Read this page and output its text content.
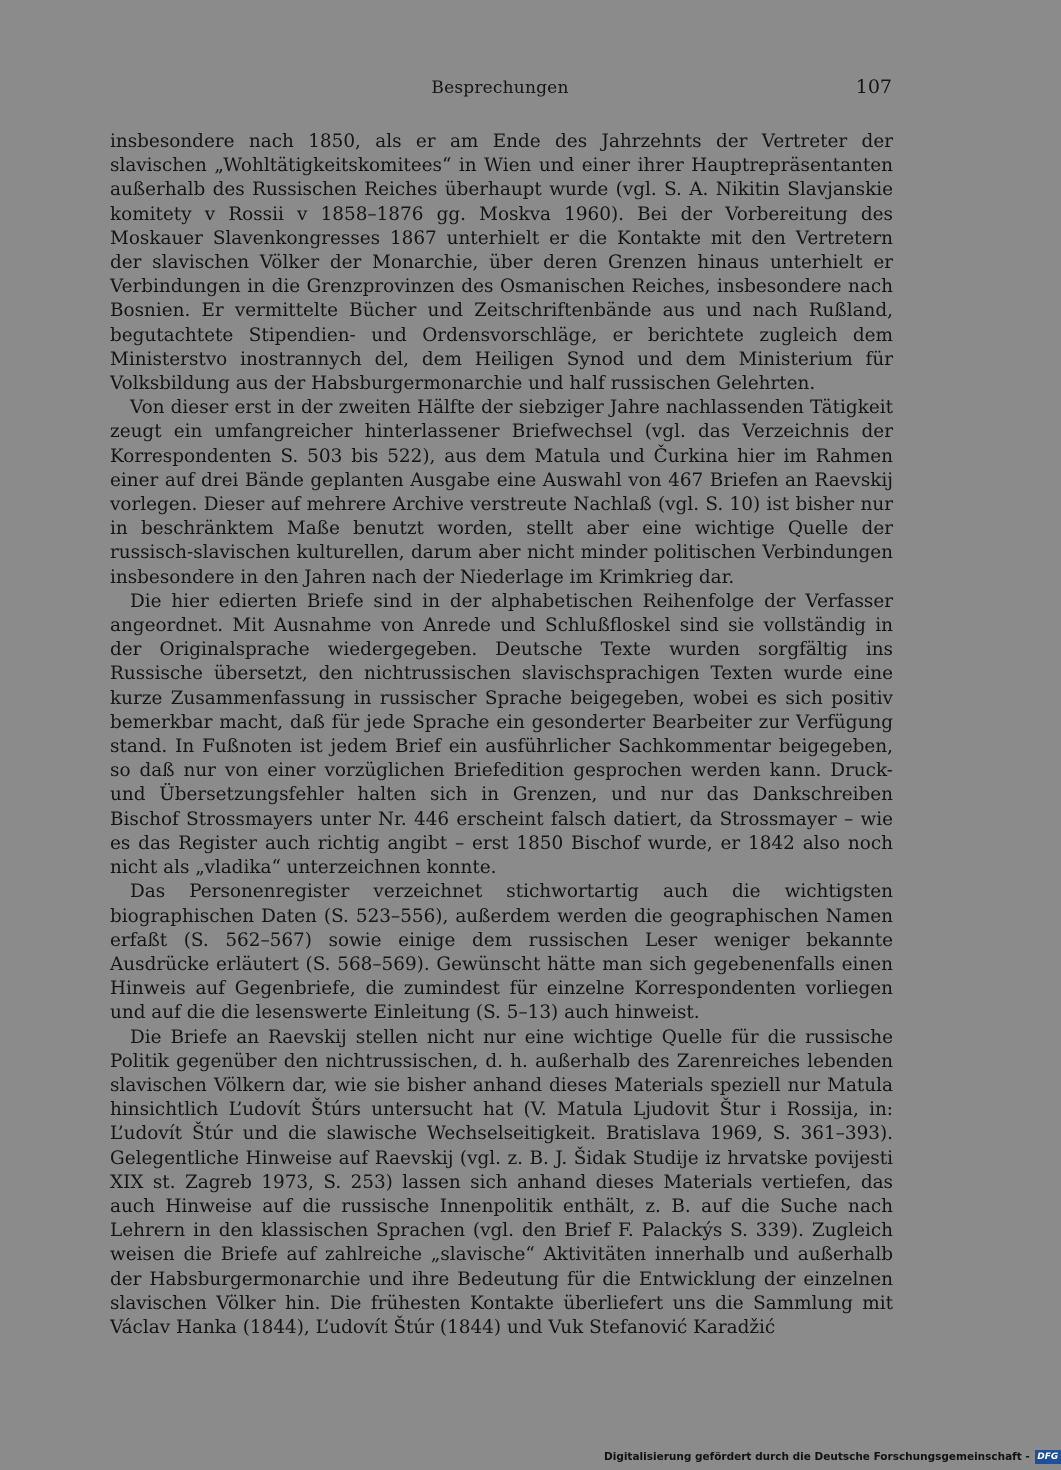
Besprechungen	107

insbesondere nach 1850, als er am Ende des Jahrzehnts der Vertreter der slavischen „Wohltätigkeitskomitees“ in Wien und einer ihrer Hauptrepräsentanten außerhalb des Russischen Reiches überhaupt wurde (vgl. S. A. Nikitin Slavjanskie komitety v Rossii v 1858–1876 gg. Moskva 1960). Bei der Vorbereitung des Moskauer Slavenkongresses 1867 unterhielt er die Kontakte mit den Vertretern der slavischen Völker der Monarchie, über deren Grenzen hinaus unterhielt er Verbindungen in die Grenzprovinzen des Osmanischen Reiches, insbesondere nach Bosnien. Er vermittelte Bücher und Zeitschriftenbände aus und nach Rußland, begutachtete Stipendien- und Ordensvorschläge, er berichtete zugleich dem Ministerstvo inostrannych del, dem Heiligen Synod und dem Ministerium für Volksbildung aus der Habsburgermonarchie und half russischen Gelehrten.

Von dieser erst in der zweiten Hälfte der siebziger Jahre nachlassenden Tätigkeit zeugt ein umfangreicher hinterlassener Briefwechsel (vgl. das Verzeichnis der Korrespondenten S. 503 bis 522), aus dem Matula und Čurkina hier im Rahmen einer auf drei Bände geplanten Ausgabe eine Auswahl von 467 Briefen an Raevskij vorlegen. Dieser auf mehrere Archive verstreute Nachlaß (vgl. S. 10) ist bisher nur in beschränktem Maße benutzt worden, stellt aber eine wichtige Quelle der russisch-slavischen kulturellen, darum aber nicht minder politischen Verbindungen insbesondere in den Jahren nach der Niederlage im Krimkrieg dar.

Die hier edierten Briefe sind in der alphabetischen Reihenfolge der Verfasser angeordnet. Mit Ausnahme von Anrede und Schlußfloskel sind sie vollständig in der Originalsprache wiedergegeben. Deutsche Texte wurden sorgfältig ins Russische übersetzt, den nichtrussischen slavischsprachigen Texten wurde eine kurze Zusammenfassung in russischer Sprache beigegeben, wobei es sich positiv bemerkbar macht, daß für jede Sprache ein gesonderter Bearbeiter zur Verfügung stand. In Fußnoten ist jedem Brief ein ausführlicher Sachkommentar beigegeben, so daß nur von einer vorzüglichen Briefedition gesprochen werden kann. Druck- und Übersetzungsfehler halten sich in Grenzen, und nur das Dankschreiben Bischof Strossmayers unter Nr. 446 erscheint falsch datiert, da Strossmayer – wie es das Register auch richtig angibt – erst 1850 Bischof wurde, er 1842 also noch nicht als „vladika“ unterzeichnen konnte.

Das Personenregister verzeichnet stichwortartig auch die wichtigsten biographischen Daten (S. 523–556), außerdem werden die geographischen Namen erfaßt (S. 562–567) sowie einige dem russischen Leser weniger bekannte Ausdrücke erläutert (S. 568–569). Gewünscht hätte man sich gegebenenfalls einen Hinweis auf Gegenbriefe, die zumindest für einzelne Korrespondenten vorliegen und auf die die lesenswerte Einleitung (S. 5–13) auch hinweist.

Die Briefe an Raevskij stellen nicht nur eine wichtige Quelle für die russische Politik gegenüber den nichtrussischen, d. h. außerhalb des Zarenreiches lebenden slavischen Völkern dar, wie sie bisher anhand dieses Materials speziell nur Matula hinsichtlich L’udovít Štúrs untersucht hat (V. Matula Ljudovit Štur i Rossija, in: L’udovít Štúr und die slawische Wechselseitigkeit. Bratislava 1969, S. 361–393). Gelegentliche Hinweise auf Raevskij (vgl. z. B. J. Šidak Studije iz hrvatske povijesti XIX st. Zagreb 1973, S. 253) lassen sich anhand dieses Materials vertiefen, das auch Hinweise auf die russische Innenpolitik enthält, z. B. auf die Suche nach Lehrern in den klassischen Sprachen (vgl. den Brief F. Palackýs S. 339). Zugleich weisen die Briefe auf zahlreiche „slavische“ Aktivitäten innerhalb und außerhalb der Habsburgermonarchie und ihre Bedeutung für die Entwicklung der einzelnen slavischen Völker hin. Die frühesten Kontakte überliefert uns die Sammlung mit Václav Hanka (1844), L’udovít Štúr (1844) und Vuk Stefanović Karadžić

Digitalisierung gefördert durch die Deutsche Forschungsgemeinschaft - DFG
